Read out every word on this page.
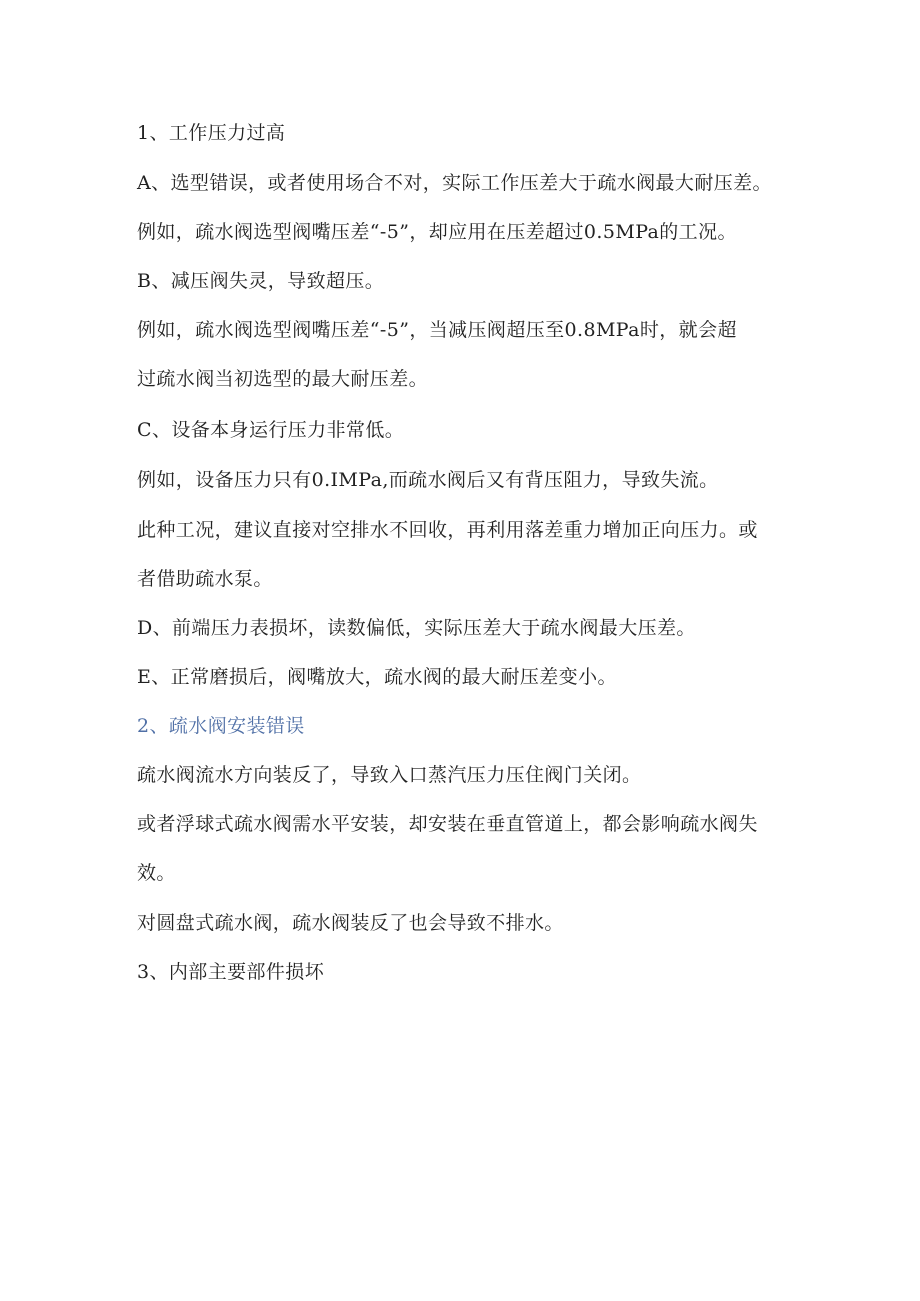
1、工作压力过高

A、选型错误，或者使用场合不对，实际工作压差大于疏水阀最大耐压差。

例如，疏水阀选型阀嘴压差“-5”，却应用在压差超过0.5MPa的工况。

B、减压阀失灵，导致超压。

例如，疏水阀选型阀嘴压差“-5”，当减压阀超压至0.8MPa时，就会超

过疏水阀当初选型的最大耐压差。

C、设备本身运行压力非常低。

例如，设备压力只有0.IMPa,而疏水阀后又有背压阻力，导致失流。

此种工况，建议直接对空排水不回收，再利用落差重力增加正向压力。或

者借助疏水泵。

D、前端压力表损坏，读数偏低，实际压差大于疏水阀最大压差。

E、正常磨损后，阀嘴放大，疏水阀的最大耐压差变小。

2、疏水阀安装错误

疏水阀流水方向装反了，导致入口蒸汽压力压住阀门关闭。

或者浮球式疏水阀需水平安装，却安装在垂直管道上，都会影响疏水阀失

效。

对圆盘式疏水阀，疏水阀装反了也会导致不排水。

3、内部主要部件损坏
